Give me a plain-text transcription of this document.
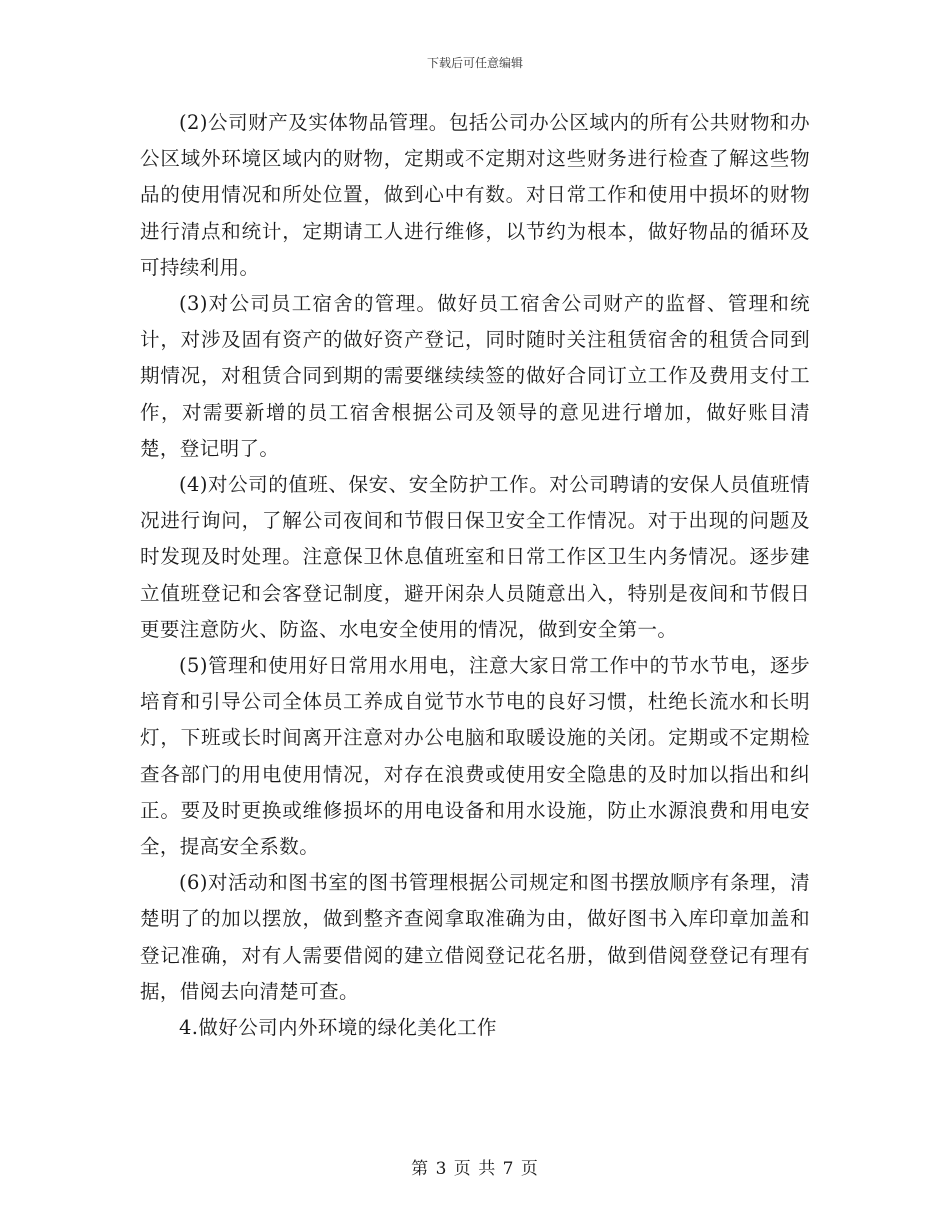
下载后可任意编辑

(2)公司财产及实体物品管理。包括公司办公区域内的所有公共财物和办公区域外环境区域内的财物，定期或不定期对这些财务进行检查了解这些物品的使用情况和所处位置，做到心中有数。对日常工作和使用中损坏的财物进行清点和统计，定期请工人进行维修，以节约为根本，做好物品的循环及可持续利用。

(3)对公司员工宿舍的管理。做好员工宿舍公司财产的监督、管理和统计，对涉及固有资产的做好资产登记，同时随时关注租赁宿舍的租赁合同到期情况，对租赁合同到期的需要继续续签的做好合同订立工作及费用支付工作，对需要新增的员工宿舍根据公司及领导的意见进行增加，做好账目清楚，登记明了。

(4)对公司的值班、保安、安全防护工作。对公司聘请的安保人员值班情况进行询问，了解公司夜间和节假日保卫安全工作情况。对于出现的问题及时发现及时处理。注意保卫休息值班室和日常工作区卫生内务情况。逐步建立值班登记和会客登记制度，避开闲杂人员随意出入，特别是夜间和节假日更要注意防火、防盗、水电安全使用的情况，做到安全第一。

(5)管理和使用好日常用水用电，注意大家日常工作中的节水节电，逐步培育和引导公司全体员工养成自觉节水节电的良好习惯，杜绝长流水和长明灯，下班或长时间离开注意对办公电脑和取暖设施的关闭。定期或不定期检查各部门的用电使用情况，对存在浪费或使用安全隐患的及时加以指出和纠正。要及时更换或维修损坏的用电设备和用水设施，防止水源浪费和用电安全，提高安全系数。

(6)对活动和图书室的图书管理根据公司规定和图书摆放顺序有条理，清楚明了的加以摆放，做到整齐查阅拿取准确为由，做好图书入库印章加盖和登记准确，对有人需要借阅的建立借阅登记花名册，做到借阅登登记有理有据，借阅去向清楚可查。

4.做好公司内外环境的绿化美化工作

第 3 页 共 7 页
